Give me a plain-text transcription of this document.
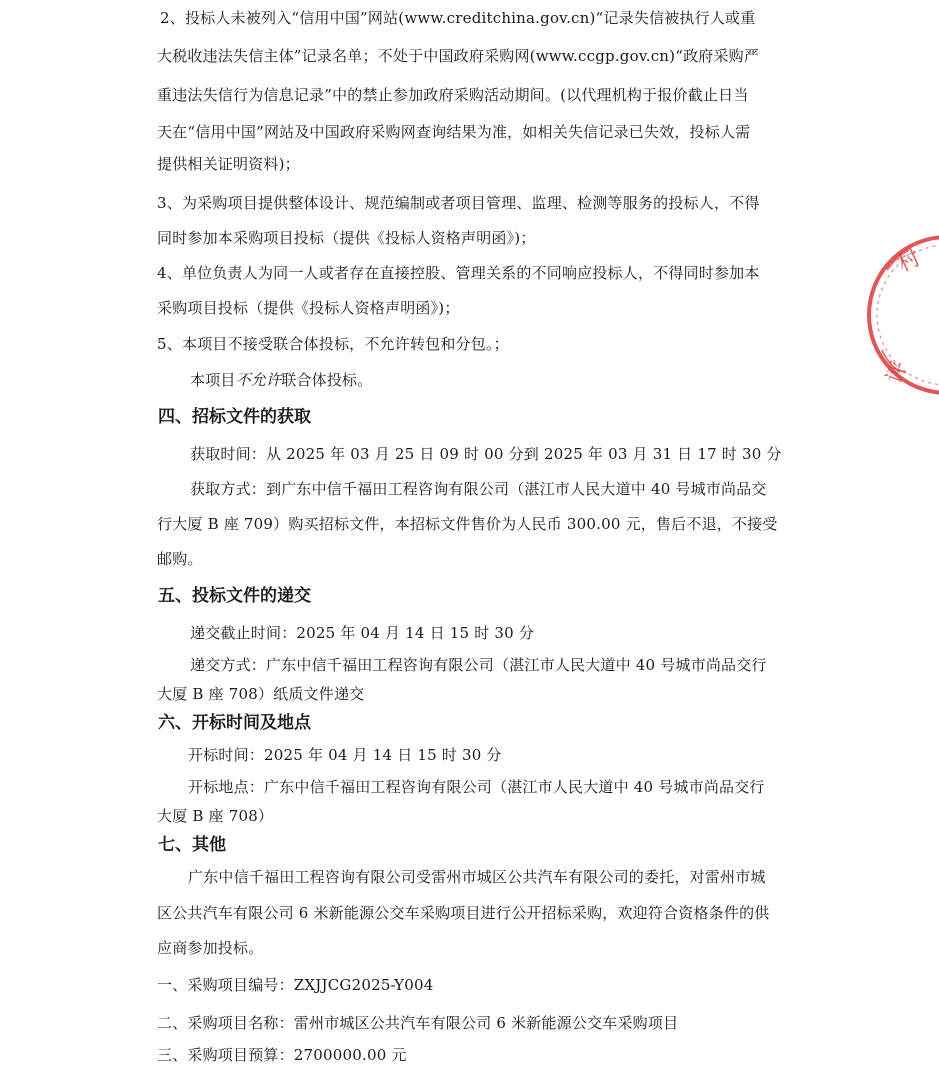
2、投标人未被列入“信用中国”网站(www.creditchina.gov.cn)“记录失信被执行人或重
大税收违法失信主体”记录名单；不处于中国政府采购网(www.ccgp.gov.cn)“政府采购严
重违法失信行为信息记录”中的禁止参加政府采购活动期间。(以代理机构于报价截止日当
天在“信用中国”网站及中国政府采购网查询结果为准，如相关失信记录已失效，投标人需
提供相关证明资料)；
3、为采购项目提供整体设计、规范编制或者项目管理、监理、检测等服务的投标人，不得
同时参加本采购项目投标（提供《投标人资格声明函》)；
4、单位负责人为同一人或者存在直接控股、管理关系的不同响应投标人，不得同时参加本
采购项目投标（提供《投标人资格声明函》)；
5、本项目不接受联合体投标，不允许转包和分包。；
本项目不允许联合体投标。
四、招标文件的获取
获取时间：从 2025 年 03 月 25 日 09 时 00 分到 2025 年 03 月 31 日 17 时 30 分
获取方式：到广东中信千福田工程咨询有限公司（湛江市人民大道中 40 号城市尚品交
行大厦 B 座 709）购买招标文件，本招标文件售价为人民币 300.00 元，售后不退，不接受
邮购。
五、投标文件的递交
递交截止时间：2025 年 04 月 14 日 15 时 30 分
递交方式：广东中信千福田工程咨询有限公司（湛江市人民大道中 40 号城市尚品交行
大厦 B 座 708）纸质文件递交
六、开标时间及地点
开标时间：2025 年 04 月 14 日 15 时 30 分
开标地点：广东中信千福田工程咨询有限公司（湛江市人民大道中 40 号城市尚品交行
大厦 B 座 708）
七、其他
广东中信千福田工程咨询有限公司受雷州市城区公共汽车有限公司的委托，对雷州市城
区公共汽车有限公司 6 米新能源公交车采购项目进行公开招标采购，欢迎符合资格条件的供
应商参加投标。
一、采购项目编号：ZXJJCG2025-Y004
二、采购项目名称：雷州市城区公共汽车有限公司 6 米新能源公交车采购项目
三、采购项目预算：2700000.00 元
村
评
